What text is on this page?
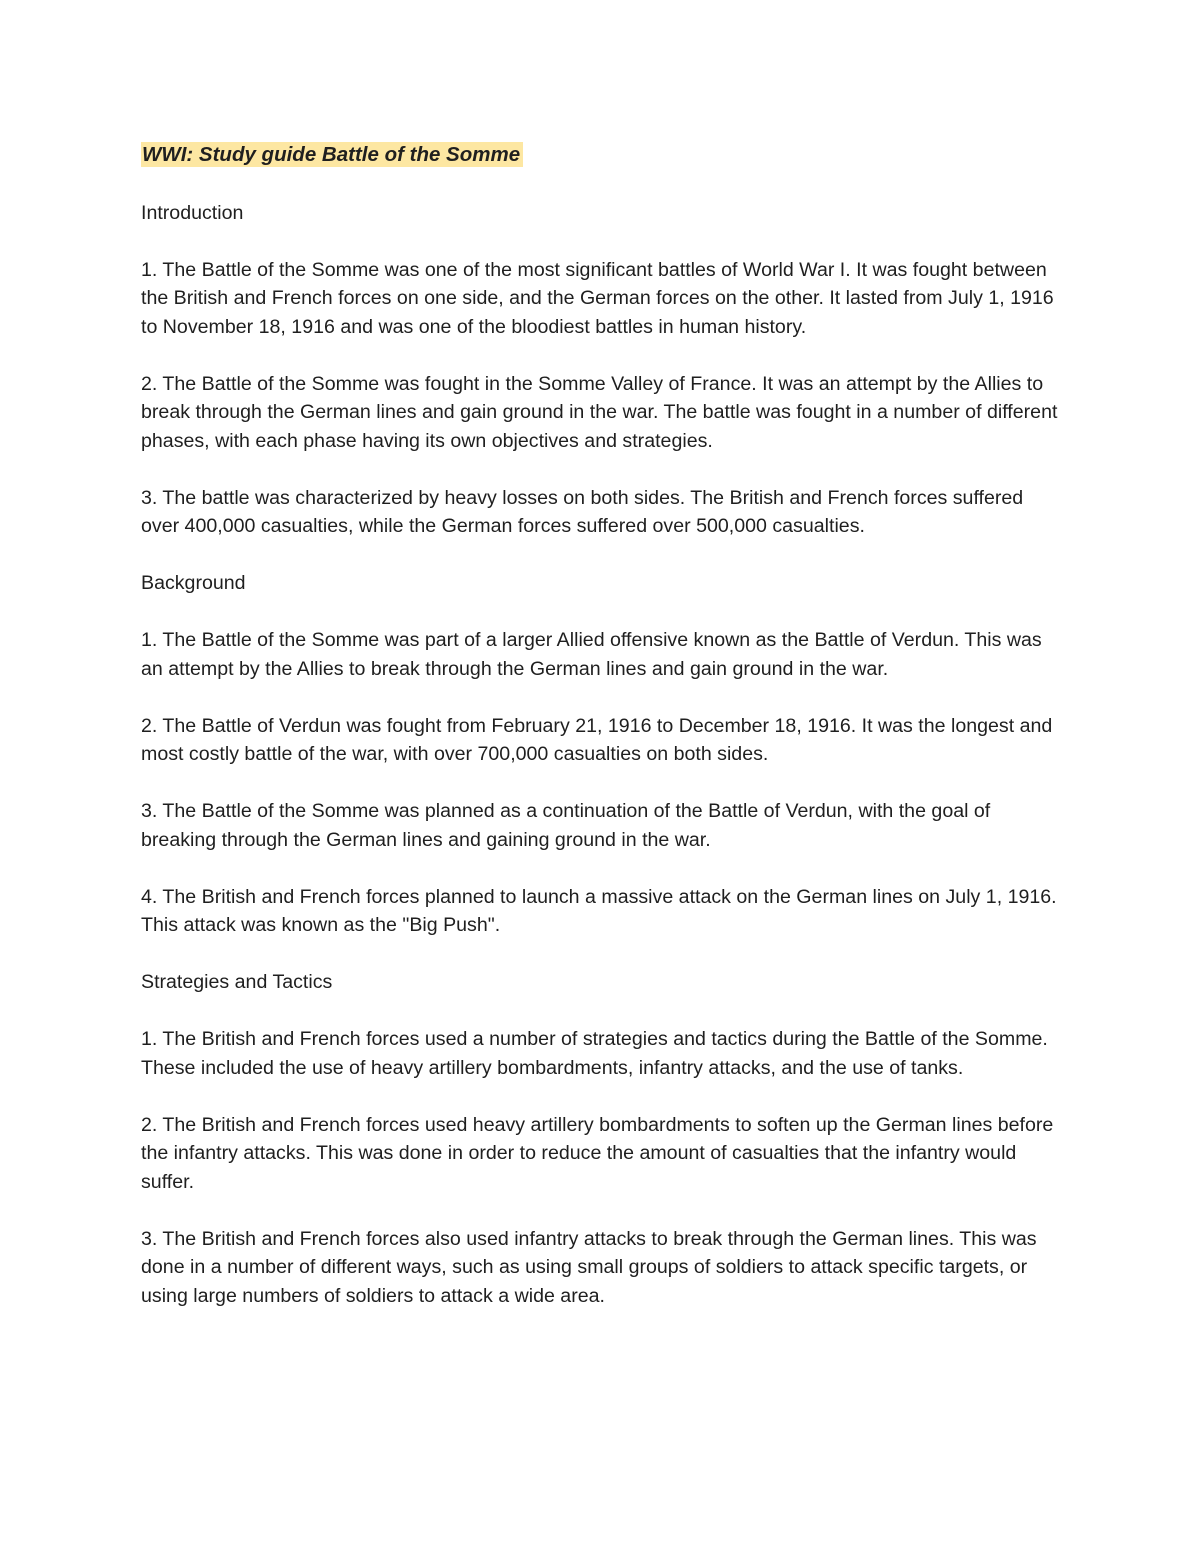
WWI: Study guide Battle of the Somme
Introduction
1. The Battle of the Somme was one of the most significant battles of World War I. It was fought between the British and French forces on one side, and the German forces on the other. It lasted from July 1, 1916 to November 18, 1916 and was one of the bloodiest battles in human history.
2. The Battle of the Somme was fought in the Somme Valley of France. It was an attempt by the Allies to break through the German lines and gain ground in the war. The battle was fought in a number of different phases, with each phase having its own objectives and strategies.
3. The battle was characterized by heavy losses on both sides. The British and French forces suffered over 400,000 casualties, while the German forces suffered over 500,000 casualties.
Background
1. The Battle of the Somme was part of a larger Allied offensive known as the Battle of Verdun. This was an attempt by the Allies to break through the German lines and gain ground in the war.
2. The Battle of Verdun was fought from February 21, 1916 to December 18, 1916. It was the longest and most costly battle of the war, with over 700,000 casualties on both sides.
3. The Battle of the Somme was planned as a continuation of the Battle of Verdun, with the goal of breaking through the German lines and gaining ground in the war.
4. The British and French forces planned to launch a massive attack on the German lines on July 1, 1916. This attack was known as the "Big Push".
Strategies and Tactics
1. The British and French forces used a number of strategies and tactics during the Battle of the Somme. These included the use of heavy artillery bombardments, infantry attacks, and the use of tanks.
2. The British and French forces used heavy artillery bombardments to soften up the German lines before the infantry attacks. This was done in order to reduce the amount of casualties that the infantry would suffer.
3. The British and French forces also used infantry attacks to break through the German lines. This was done in a number of different ways, such as using small groups of soldiers to attack specific targets, or using large numbers of soldiers to attack a wide area.
